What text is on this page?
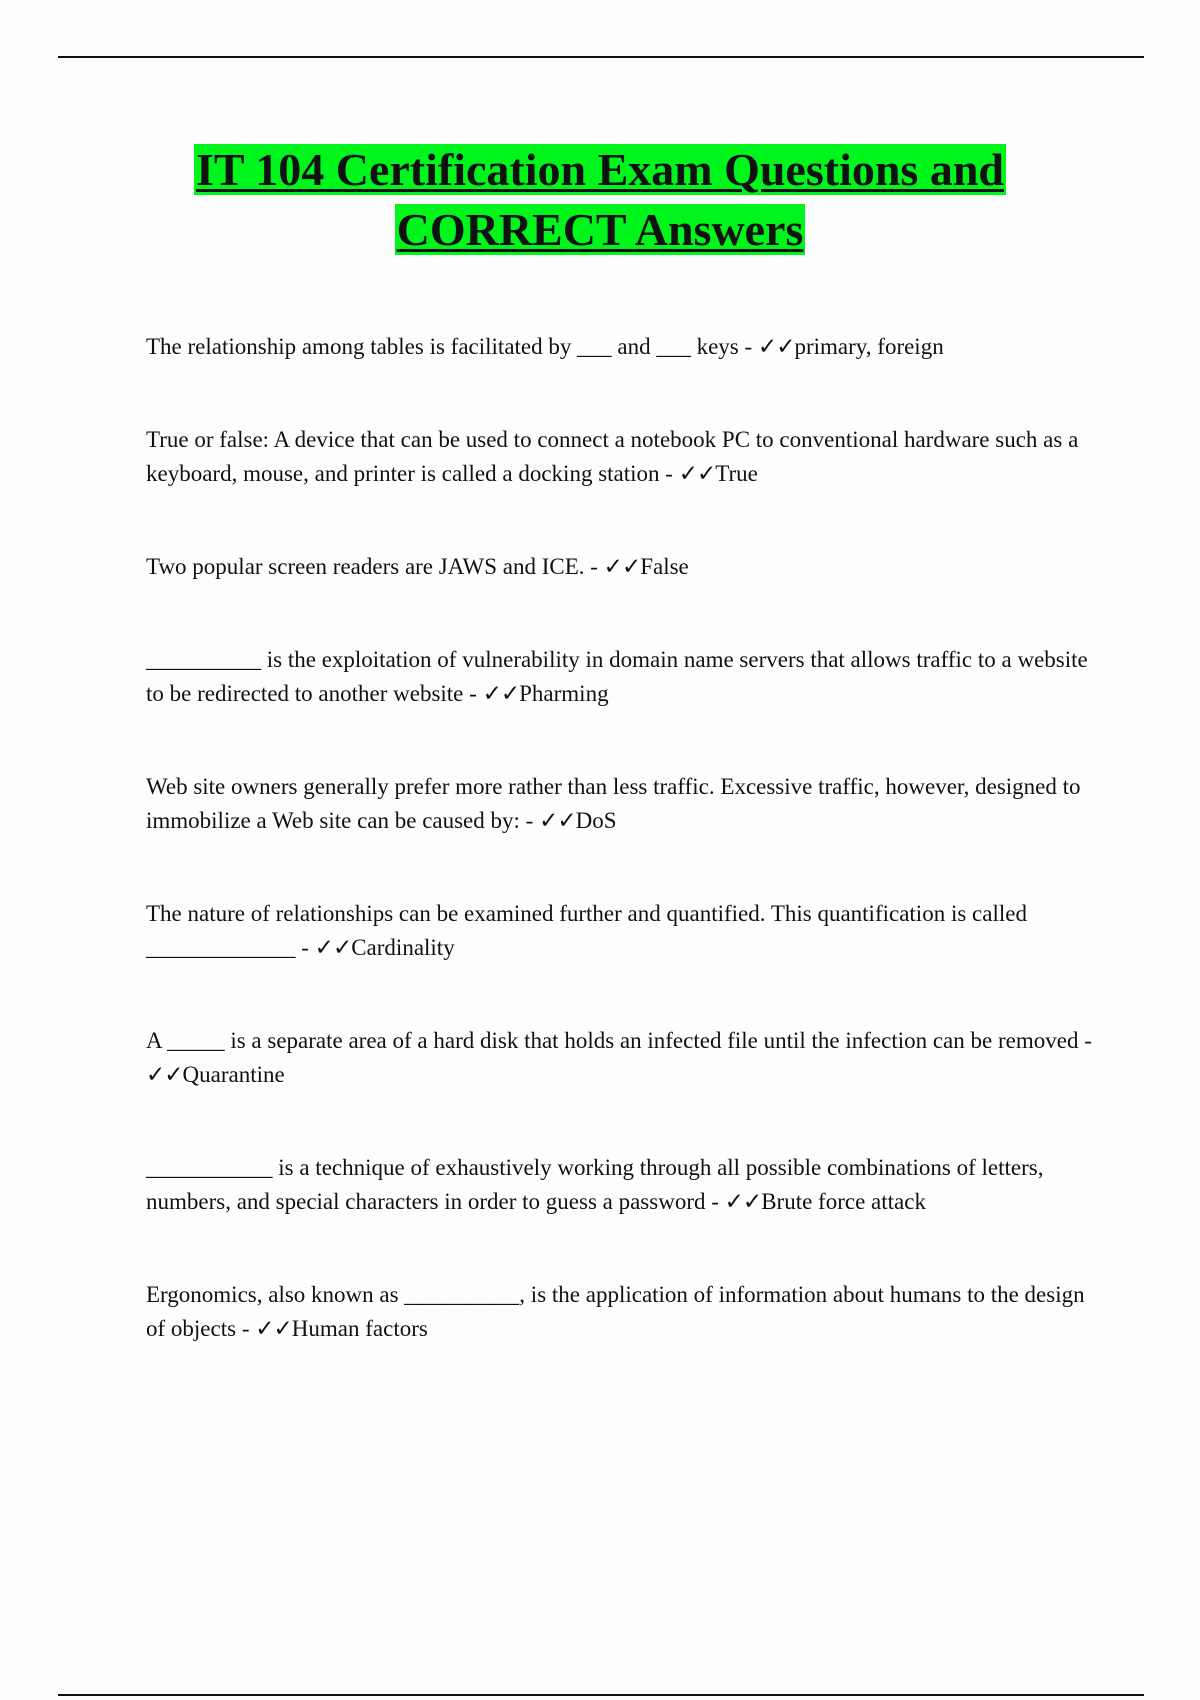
IT 104 Certification Exam Questions and
CORRECT Answers
The relationship among tables is facilitated by ___ and ___ keys - ✓✓primary, foreign
True or false: A device that can be used to connect a notebook PC to conventional hardware such as a keyboard, mouse, and printer is called a docking station - ✓✓True
Two popular screen readers are JAWS and ICE. - ✓✓False
__________ is the exploitation of vulnerability in domain name servers that allows traffic to a website to be redirected to another website - ✓✓Pharming
Web site owners generally prefer more rather than less traffic. Excessive traffic, however, designed to immobilize a Web site can be caused by: - ✓✓DoS
The nature of relationships can be examined further and quantified. This quantification is called _____________ - ✓✓Cardinality
A _____ is a separate area of a hard disk that holds an infected file until the infection can be removed - ✓✓Quarantine
___________ is a technique of exhaustively working through all possible combinations of letters, numbers, and special characters in order to guess a password - ✓✓Brute force attack
Ergonomics, also known as __________, is the application of information about humans to the design of objects - ✓✓Human factors
